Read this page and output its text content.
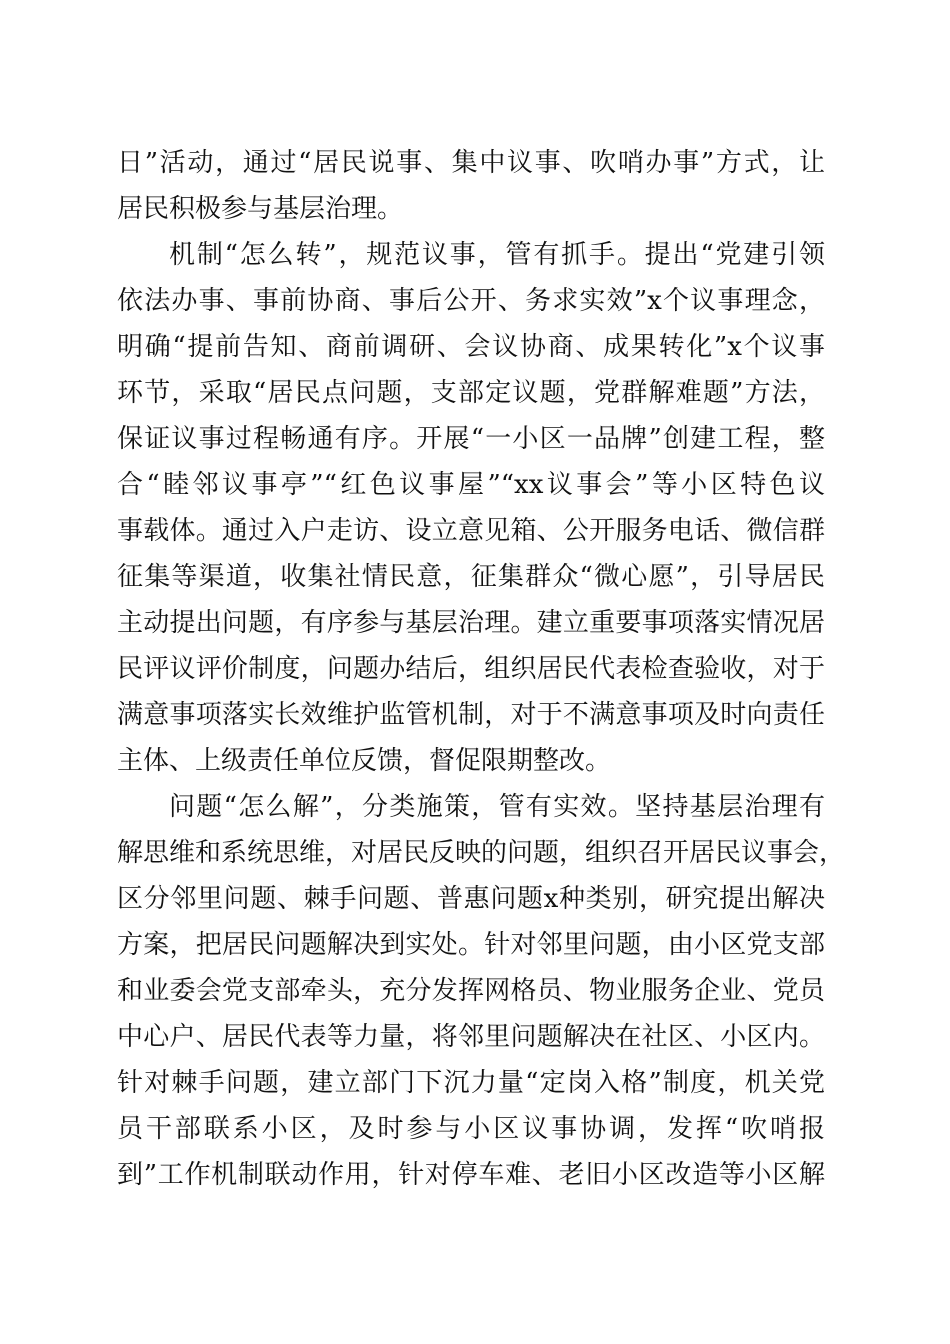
日”活动，通过“居民说事、集中议事、吹哨办事”方式，让
居民积极参与基层治理。
机制“怎么转”，规范议事，管有抓手。提出“党建引领
依法办事、事前协商、事后公开、务求实效”x个议事理念，
明确“提前告知、商前调研、会议协商、成果转化”x个议事
环节，采取“居民点问题，支部定议题，党群解难题”方法，
保证议事过程畅通有序。开展“一小区一品牌”创建工程，整
合“睦邻议事亭”“红色议事屋”“xx议事会”等小区特色议
事载体。通过入户走访、设立意见箱、公开服务电话、微信群
征集等渠道，收集社情民意，征集群众“微心愿”，引导居民
主动提出问题，有序参与基层治理。建立重要事项落实情况居
民评议评价制度，问题办结后，组织居民代表检查验收，对于
满意事项落实长效维护监管机制，对于不满意事项及时向责任
主体、上级责任单位反馈，督促限期整改。
问题“怎么解”，分类施策，管有实效。坚持基层治理有
解思维和系统思维，对居民反映的问题，组织召开居民议事会，
区分邻里问题、棘手问题、普惠问题x种类别，研究提出解决
方案，把居民问题解决到实处。针对邻里问题，由小区党支部
和业委会党支部牵头，充分发挥网格员、物业服务企业、党员
中心户、居民代表等力量，将邻里问题解决在社区、小区内。
针对棘手问题，建立部门下沉力量“定岗入格”制度，机关党
员干部联系小区，及时参与小区议事协调，发挥“吹哨报
到”工作机制联动作用，针对停车难、老旧小区改造等小区解
